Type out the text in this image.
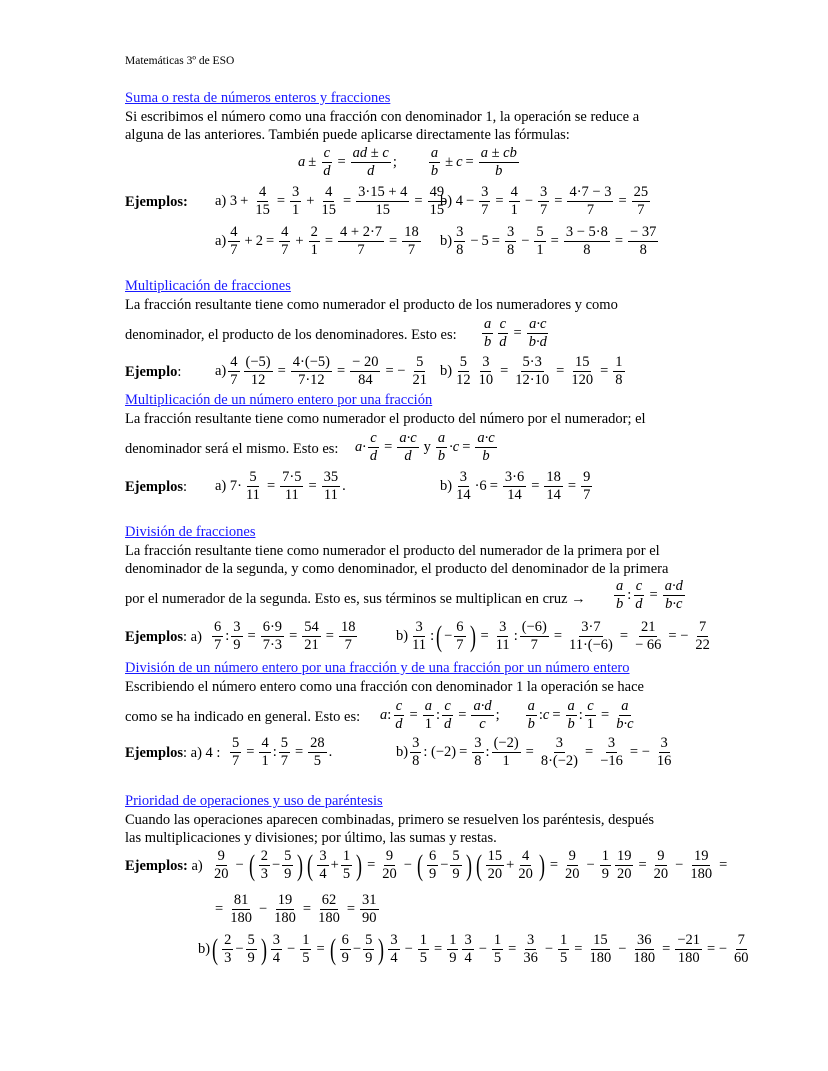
Matemáticas 3º de ESO
Suma o resta de números enteros y fracciones
Si escribimos el número como una fracción con denominador 1, la operación se reduce a
alguna de las anteriores. También puede aplicarse directamente las fórmulas:
$a \pm \frac{c}{d} = \frac{ad \pm c}{d}$ ;
a
b
± $c = \frac{a \pm cb}{b}$
Ejemplos: a) $3 + \frac{4}{15} = \frac{3}{1} + \frac{4}{15} = \frac{3\cdot 15 + 4}{15} = \frac{49}{15}$
b) $4 - \frac{3}{7} = \frac{4}{1} - \frac{3}{7} = \frac{4\cdot 7 - 3}{7} = \frac{25}{7}$
a)
4
7
+ $2 = \frac{4}{7} + \frac{2}{1} = \frac{4 + 2\cdot 7}{7} = \frac{18}{7} b$)
3
8
− $5 = \frac{3}{8} - \frac{5}{1} = \frac{3 - 5\cdot 8}{8} = \frac{- 37}{8}$
Multiplicación de fracciones
La fracción resultante tiene como numerador el producto de los numeradores y como
denominador, el producto de los denominadores. Esto es:
a
b $\frac{c}{d} = \frac{a\cdot c}{b\cdot d}$
Ejemplo: a)
4
$7 \frac{(-5)}{12} = \frac{4\cdot(-5)}{7\cdot 12} = \frac{- 20}{84}$ = − $\frac{5}{21} b$)
5
$12 \frac{3}{10} = \frac{5\cdot 3}{12\cdot 10} = \frac{15}{120} = \frac{1}{8}$
Multiplicación de un número entero por una fracción
La fracción resultante tiene como numerador el producto del número por el numerador; el
denominador será el mismo. Esto es: $a\cdot \frac{c}{d} = \frac{a\cdot c}{d}$ y
a
b
$\cdot c = \frac{a\cdot c}{b}$
Ejemplos: a) $7\cdot \frac{5}{11} = \frac{7\cdot 5}{11} = \frac{35}{11}$ .	b)
3
14
$\cdot 6 = \frac{3\cdot 6}{14} = \frac{18}{14} = \frac{9}{7}$
División de fracciones
La fracción resultante tiene como numerador el producto del numerador de la primera por el
denominador de la segunda, y como denominador, el producto del denominador de la primera
por el numerador de la segunda. Esto es, sus términos se multiplican en cruz →
a
b
: $\frac{c}{d} = \frac{a\cdot d}{b\cdot c}$
Ejemplos: a)
6
7
: $\frac{3}{9} = \frac{6\cdot 9}{7\cdot 3} = \frac{54}{21} = \frac{18}{7}$	b)
3
11
: ( − $\frac{6}{7}$ ) = $\frac{3}{11}$ : $\frac{(-6)}{7} = \frac{3\cdot 7}{11\cdot(-6)} = \frac{21}{- 66}$ = − $\frac{7}{22}$
División de un número entero por una fracción y de una fracción por un número entero
Escribiendo el número entero como una fracción con denominador 1 la operación se hace
como se ha indicado en general. Esto es: a : $\frac{c}{d} = \frac{a}{1}$ : $\frac{c}{d} = \frac{a\cdot d}{c}$ ;
a
b
: $c = \frac{a}{b}$ : $\frac{c}{1} = \frac{a}{b\cdot c}$
Ejemplos: a) 4 : $\frac{5}{7} = \frac{4}{1}$ : $\frac{5}{7} = \frac{28}{5}$ .	b)
3
8
: $(-2) = \frac{3}{8}$ : $\frac{(-2)}{1} = \frac{3}{8\cdot(-2)} = \frac{3}{-16}$ = − $\frac{3}{16}$
Prioridad de operaciones y uso de paréntesis
Cuando las operaciones aparecen combinadas, primero se resuelven los paréntesis, después
las multiplicaciones y divisiones; por último, las sumas y restas.
Ejemplos: a)
9
20
− ( 2
3
− $\frac{5}{9}$ ) ( 3
4
+ $\frac{1}{5}$ ) = $\frac{9}{20}$ − ( 6
9
− $\frac{5}{9}$ ) ( 15
20
+ $\frac{4}{20}$ ) = $\frac{9}{20} - \frac{1}{9} \frac{19}{20} = \frac{9}{20} - \frac{19}{180}$ =
= $\frac{81}{180} - \frac{19}{180} = \frac{62}{180} = \frac{31}{90}$
b) ( 2
3
− $\frac{5}{9}$ ) 3
4
− $\frac{1}{5}$ = ( 6
9
− $\frac{5}{9}$ ) 3
4
− $\frac{1}{5} = \frac{1}{9} 3$
4
− $\frac{1}{5} = \frac{3}{36} - \frac{1}{5} = \frac{15}{180} - \frac{36}{180} = \frac{-21}{180}$ = − $\frac{7}{60}$
